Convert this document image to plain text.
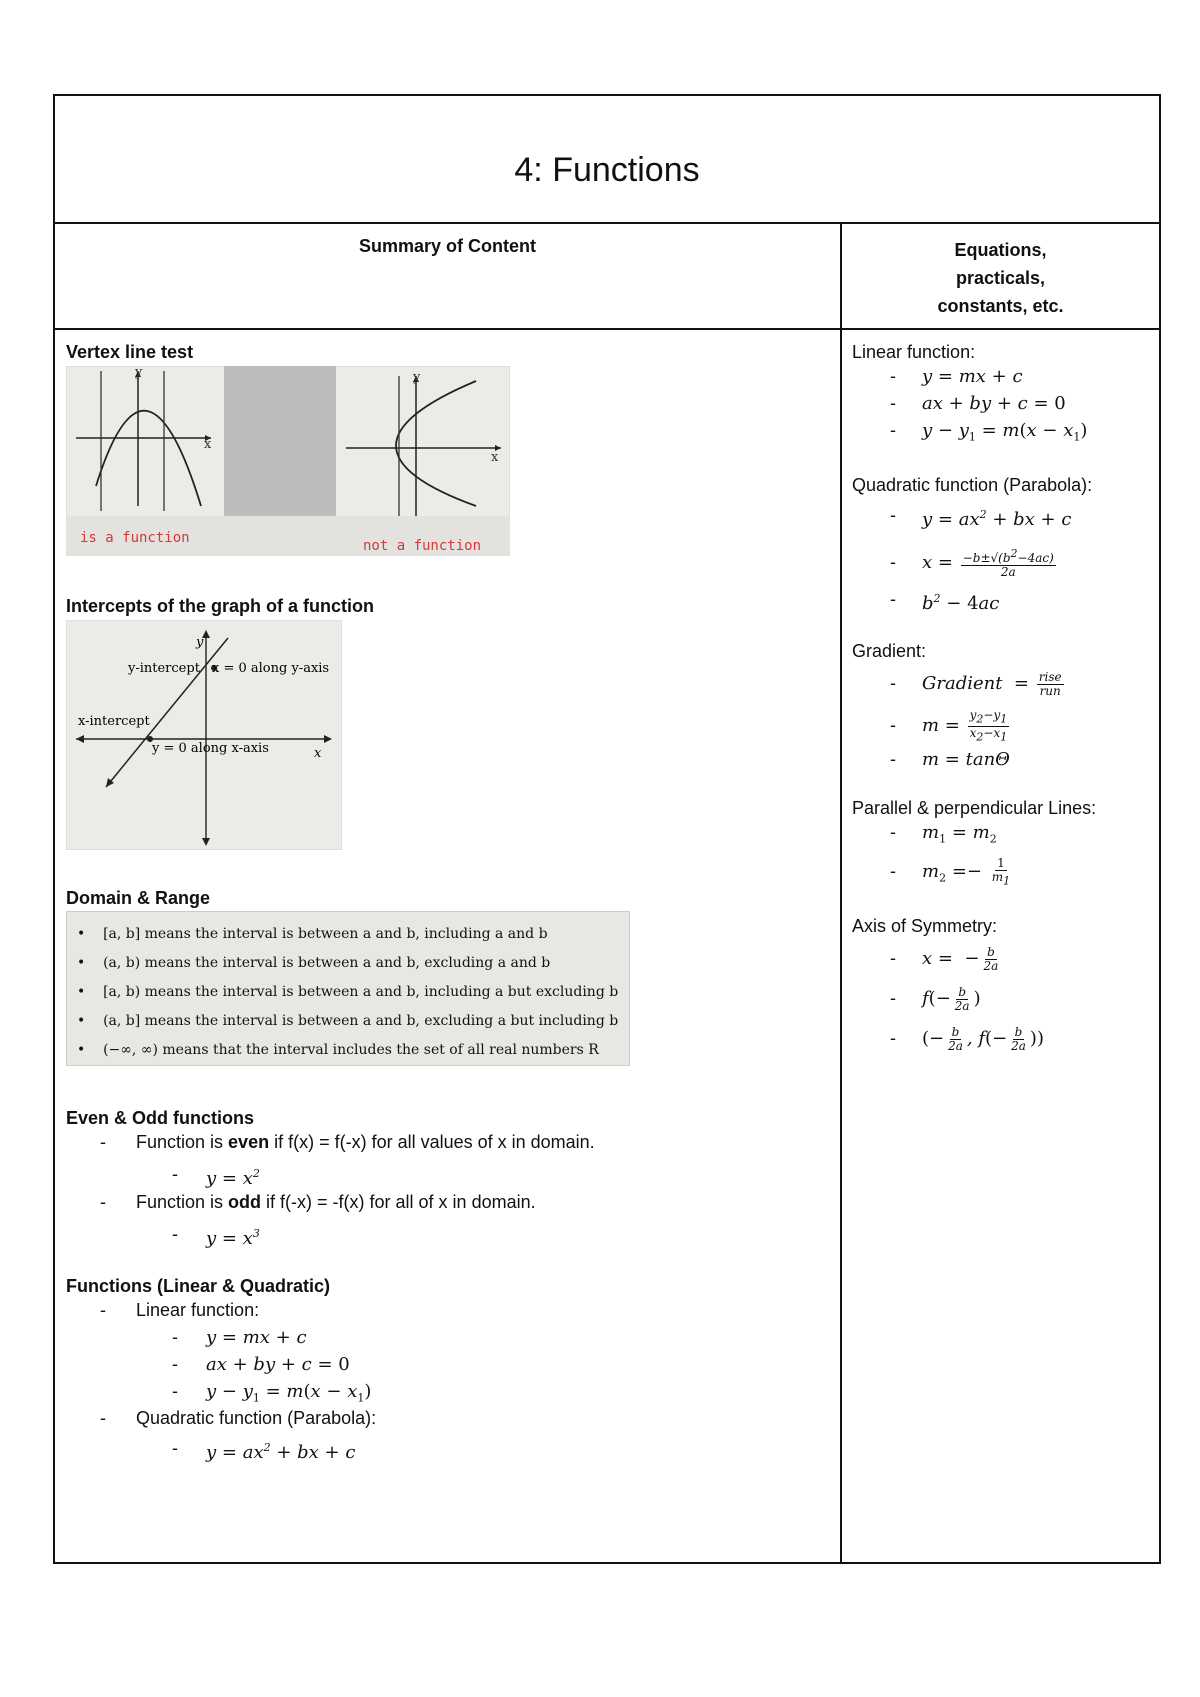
4: Functions
Summary of Content	Equations,
practicals,
constants, etc.
Vertex line test
y
x
y
x
is a function	not a function
Intercepts of the graph of a function
y
x
y-intercept x = 0 along y-axis
x-intercept
y = 0 along x-axis
Domain & Range
•    [a, b] means the interval is between a and b, including a and b
•    (a, b) means the interval is between a and b, excluding a and b
•    [a, b) means the interval is between a and b, including a but excluding b
•    (a, b] means the interval is between a and b, excluding a but including b
•    (−∞, ∞) means that the interval includes the set of all real numbers R
Even & Odd functions
- Function is even if f(x) = f(-x) for all values of x in domain.
- $y = x^2$
- Function is odd if f(-x) = -f(x) for all of x in domain.
- $y = x^3$
Functions (Linear & Quadratic)
- Linear function:
- y = mx + c
- ax + by + c = 0
- $y - y_1 = m(x - x_1)$
- Quadratic function (Parabola):
- $y = ax^2$ + bx + c
Linear function:
- y = mx + c
- ax + by + c = 0
- $y - y_1 = m(x - x_1)$
Quadratic function (Parabola):
- $y = ax^2$ + bx + c
- $x = \frac{-b\pm√(b^2-4ac)}{2a}$
- $b^2 - 4ac$
Gradient:
- Gradient  = rise
run
- $m = \frac{y_2-y_1}{x_2-x_1}$
- m = tanΘ
Parallel & perpendicular Lines:
- $m_1 = m_2$
- $m_2 =- \frac{1}{m_1}$
Axis of Symmetry:
- x = − $\frac{b}{2a}$
- $f(- \frac{b}{2a}$ )
- (− $\frac{b}{2a}$ , $f(- \frac{b}{2a}$ ))
